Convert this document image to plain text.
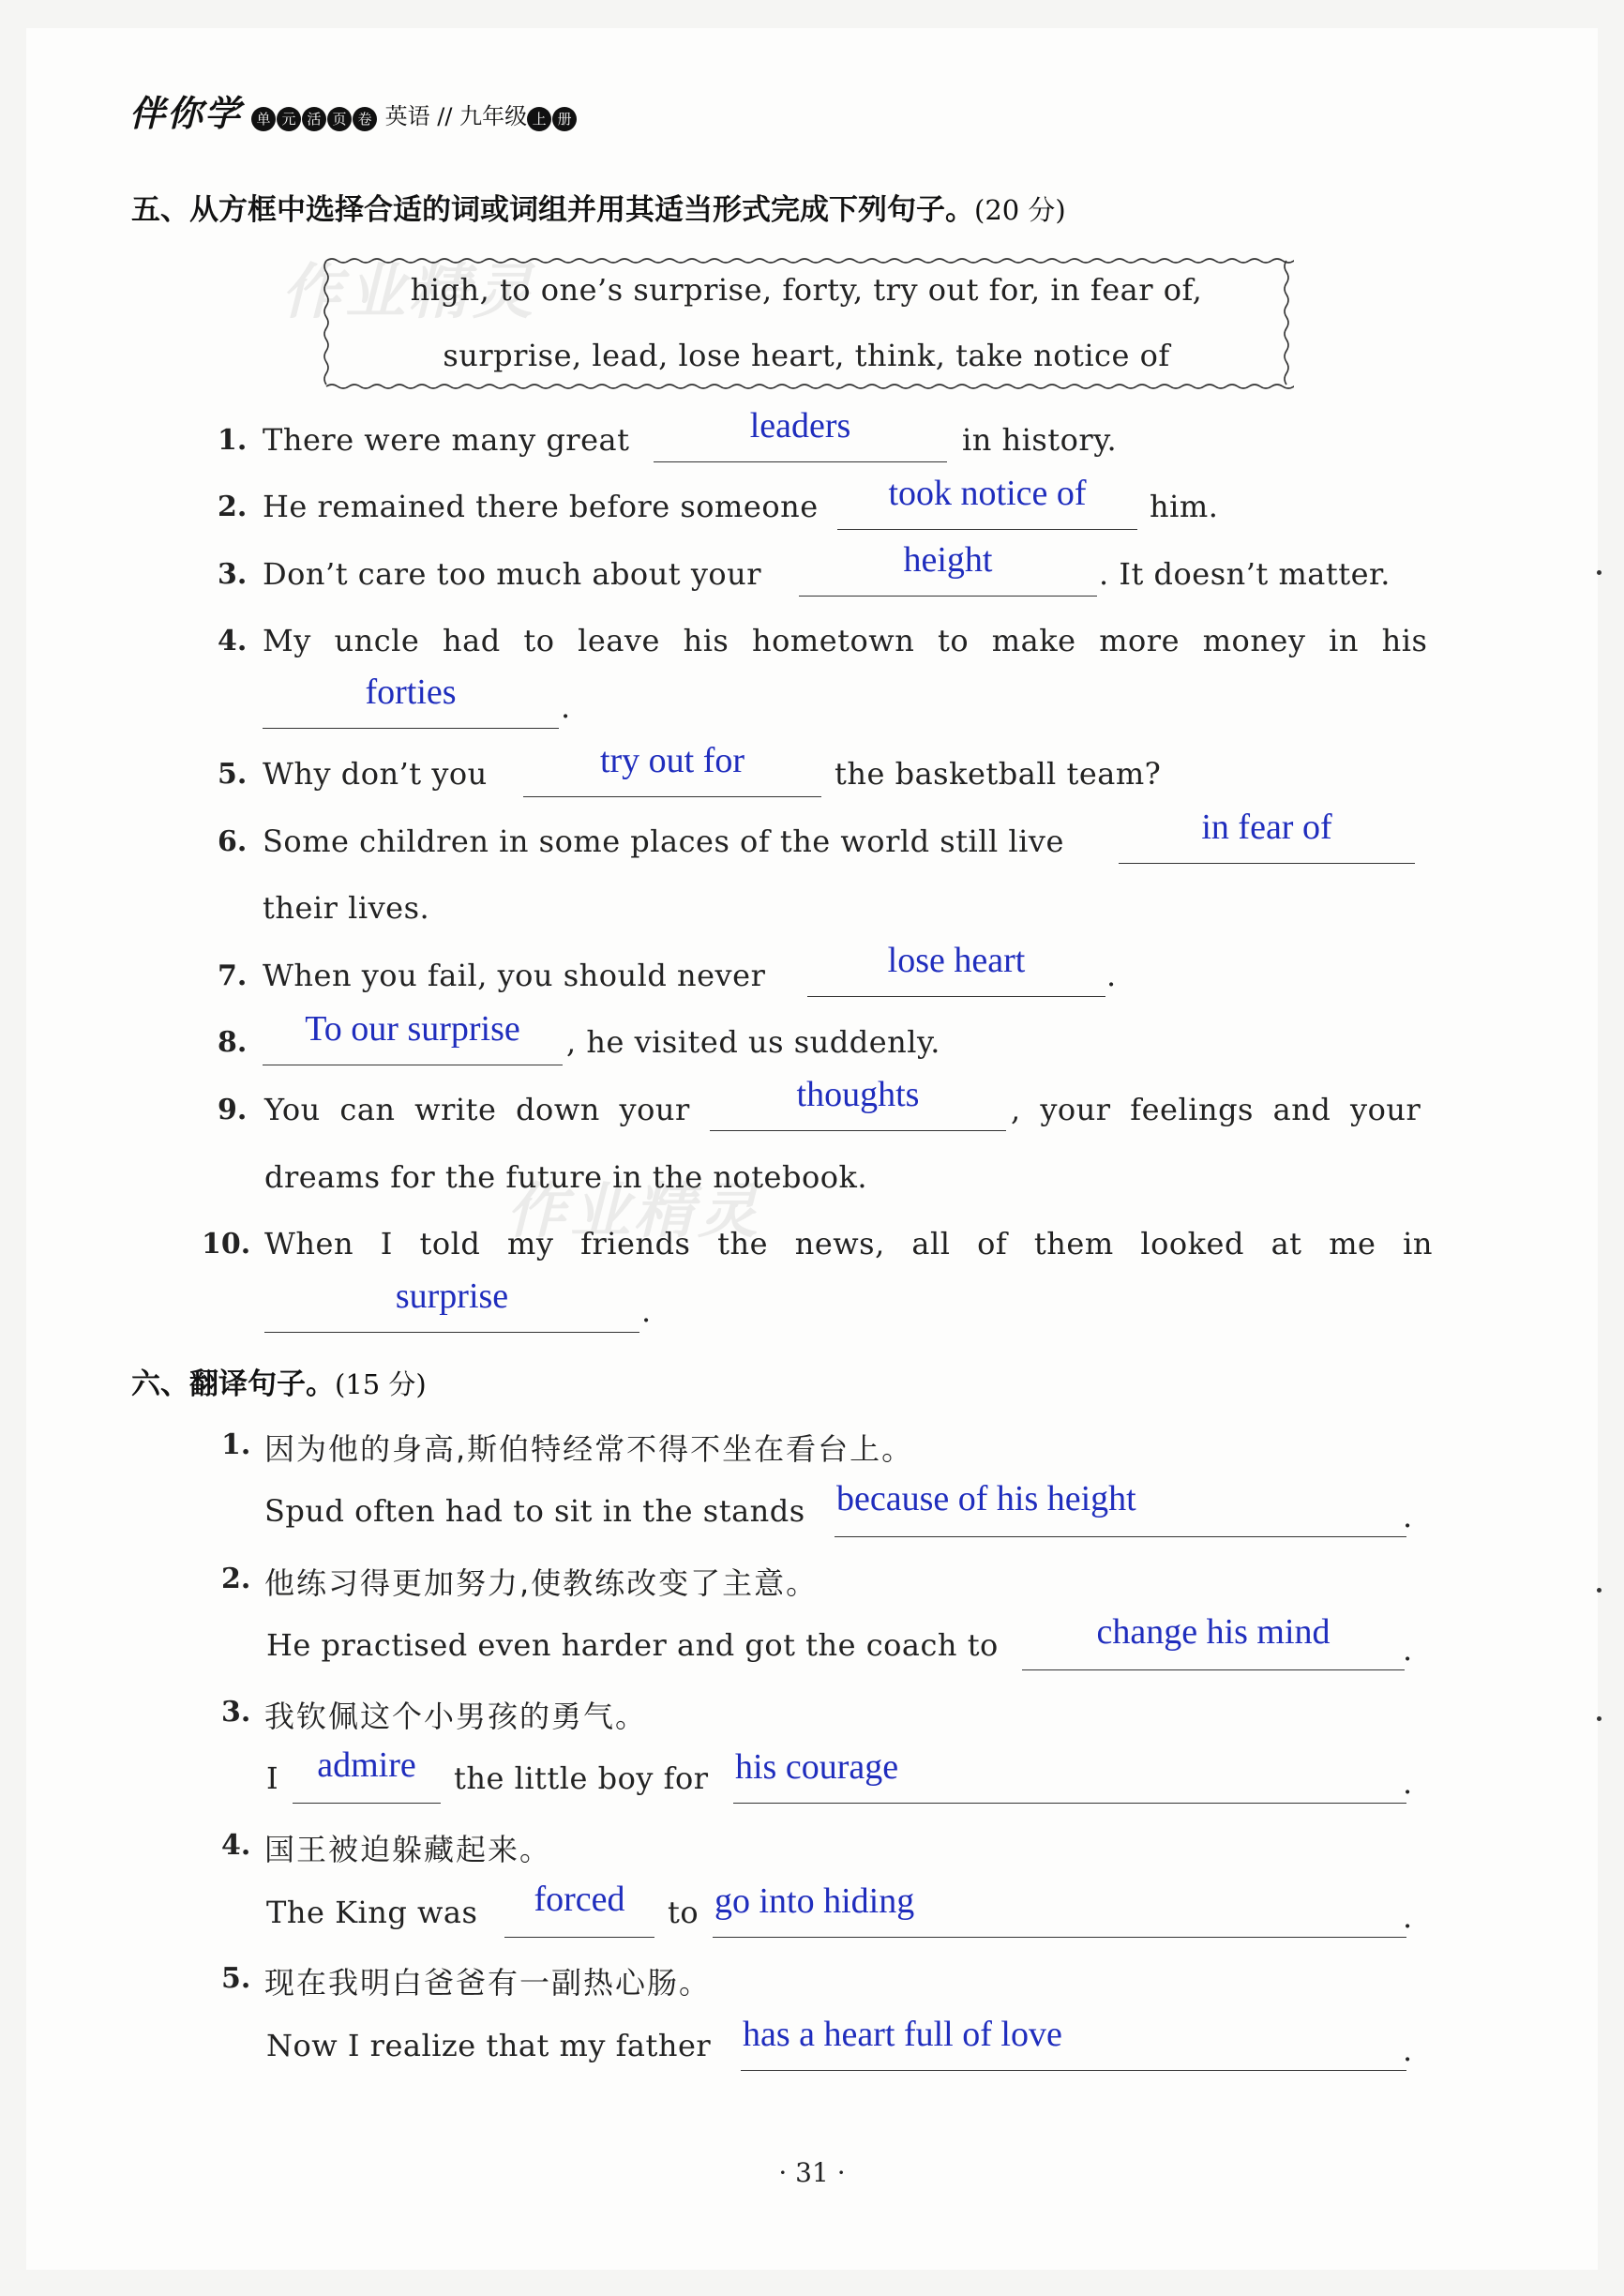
伴你学	单 元 活 页 卷 英语 // 九年级 上 册
作业精灵
作业精灵
五、从方框中选择合适的词或词组并用其适当形式完成下列句子。(20 分)
high, to one’s surprise, forty, try out for, in fear of,
surprise, lead, lose heart, think, take notice of
1. There were many great	leaders	in history.
2. He remained there before someone	took notice of	him.
3. Don’t care too much about your	height	. It doesn’t matter.
4. My uncle had to leave his hometown to make more money in his
forties	.
5. Why don’t you	try out for	the basketball team?
6. Some children in some places of the world still live	in fear of
their lives.
7. When you fail, you should never	lose heart	.
8.	To our surprise	, he visited us suddenly.
9. You can write down your	thoughts	, your feelings and your
dreams for the future in the notebook.
10. When I told my friends the news, all of them looked at me in
surprise	.
六、翻译句子。(15 分)
1. 因为他的身高,斯伯特经常不得不坐在看台上。
Spud often had to sit in the stands because of his height	.
2. 他练习得更加努力,使教练改变了主意。
He practised even harder and got the coach to	change his mind	.
3. 我钦佩这个小男孩的勇气。
I	admire	the little boy for his courage	.
4. 国王被迫躲藏起来。
The King was	forced	to go into hiding	.
5. 现在我明白爸爸有一副热心肠。
Now I realize that my father has a heart full of love	.
· 31 ·
